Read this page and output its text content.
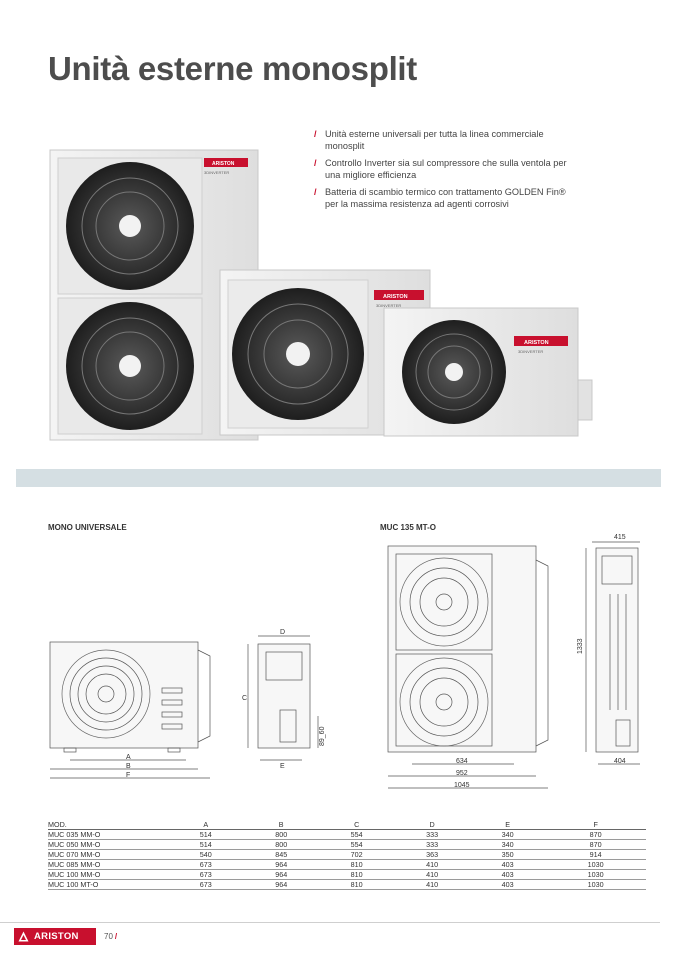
Unità esterne monosplit
ARISTON
3DINVERTER
ARISTON
3DINVERTER
ARISTON
3DINVERTER
/ Unità esterne universali per tutta la linea commerciale monosplit
/ Controllo Inverter sia sul compressore che sulla ventola per una migliore efficienza
/ Batteria di scambio termico con trattamento GOLDEN Fin® per la massima resistenza ad agenti corrosivi
MONO UNIVERSALE	MUC 135 MT-O
A
B
F
D
C
E
89_60
634
952
1045
415
1333
404
MOD.	A	B	C	D	E	F
MUC 035 MM-O	514	800	554	333	340	870
MUC 050 MM-O	514	800	554	333	340	870
MUC 070 MM-O	540	845	702	363	350	914
MUC 085 MM-O	673	964	810	410	403	1030
MUC 100 MM-O	673	964	810	410	403	1030
MUC 100 MT-O	673	964	810	410	403	1030
ARISTON	70 /
